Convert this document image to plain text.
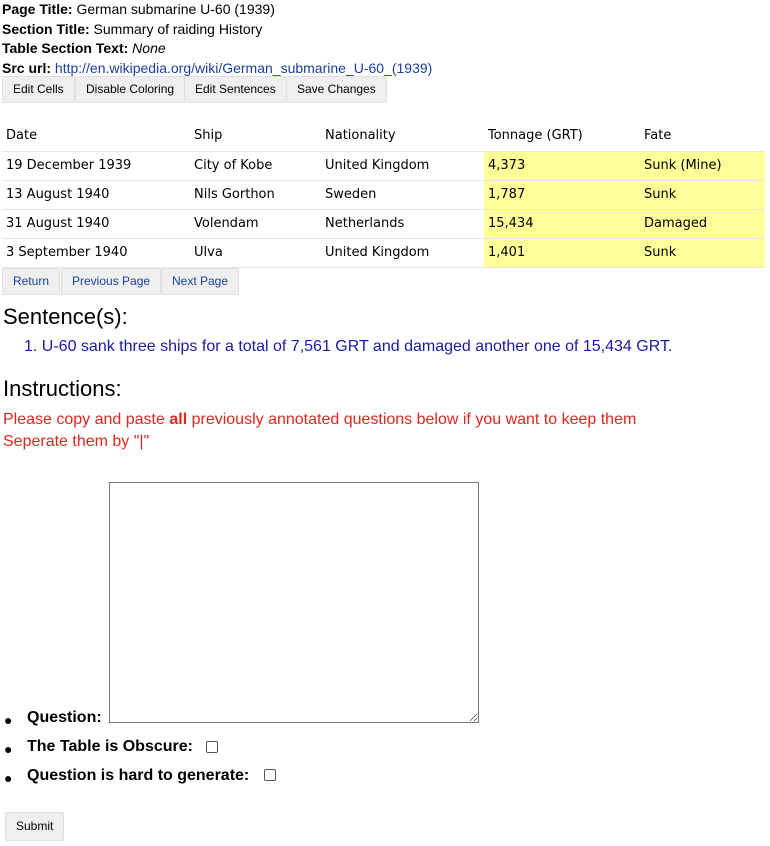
Page Title: German submarine U-60 (1939)
Section Title: Summary of raiding History
Table Section Text: None
Src url: http://en.wikipedia.org/wiki/German_submarine_U-60_(1939)
Edit Cells	Disable Coloring	Edit Sentences	Save Changes
Date	Ship	Nationality	Tonnage (GRT)	Fate
19 December 1939	City of Kobe	United Kingdom	4,373	Sunk (Mine)
13 August 1940	Nils Gorthon	Sweden	1,787	Sunk
31 August 1940	Volendam	Netherlands	15,434	Damaged
3 September 1940	Ulva	United Kingdom	1,401	Sunk
Return	Previous Page	Next Page
Sentence(s):
1. U-60 sank three ships for a total of 7,561 GRT and damaged another one of 15,434 GRT.
Instructions:
Please copy and paste all previously annotated questions below if you want to keep them
Seperate them by "|"
● Question:
● The Table is Obscure:
● Question is hard to generate:
Submit
